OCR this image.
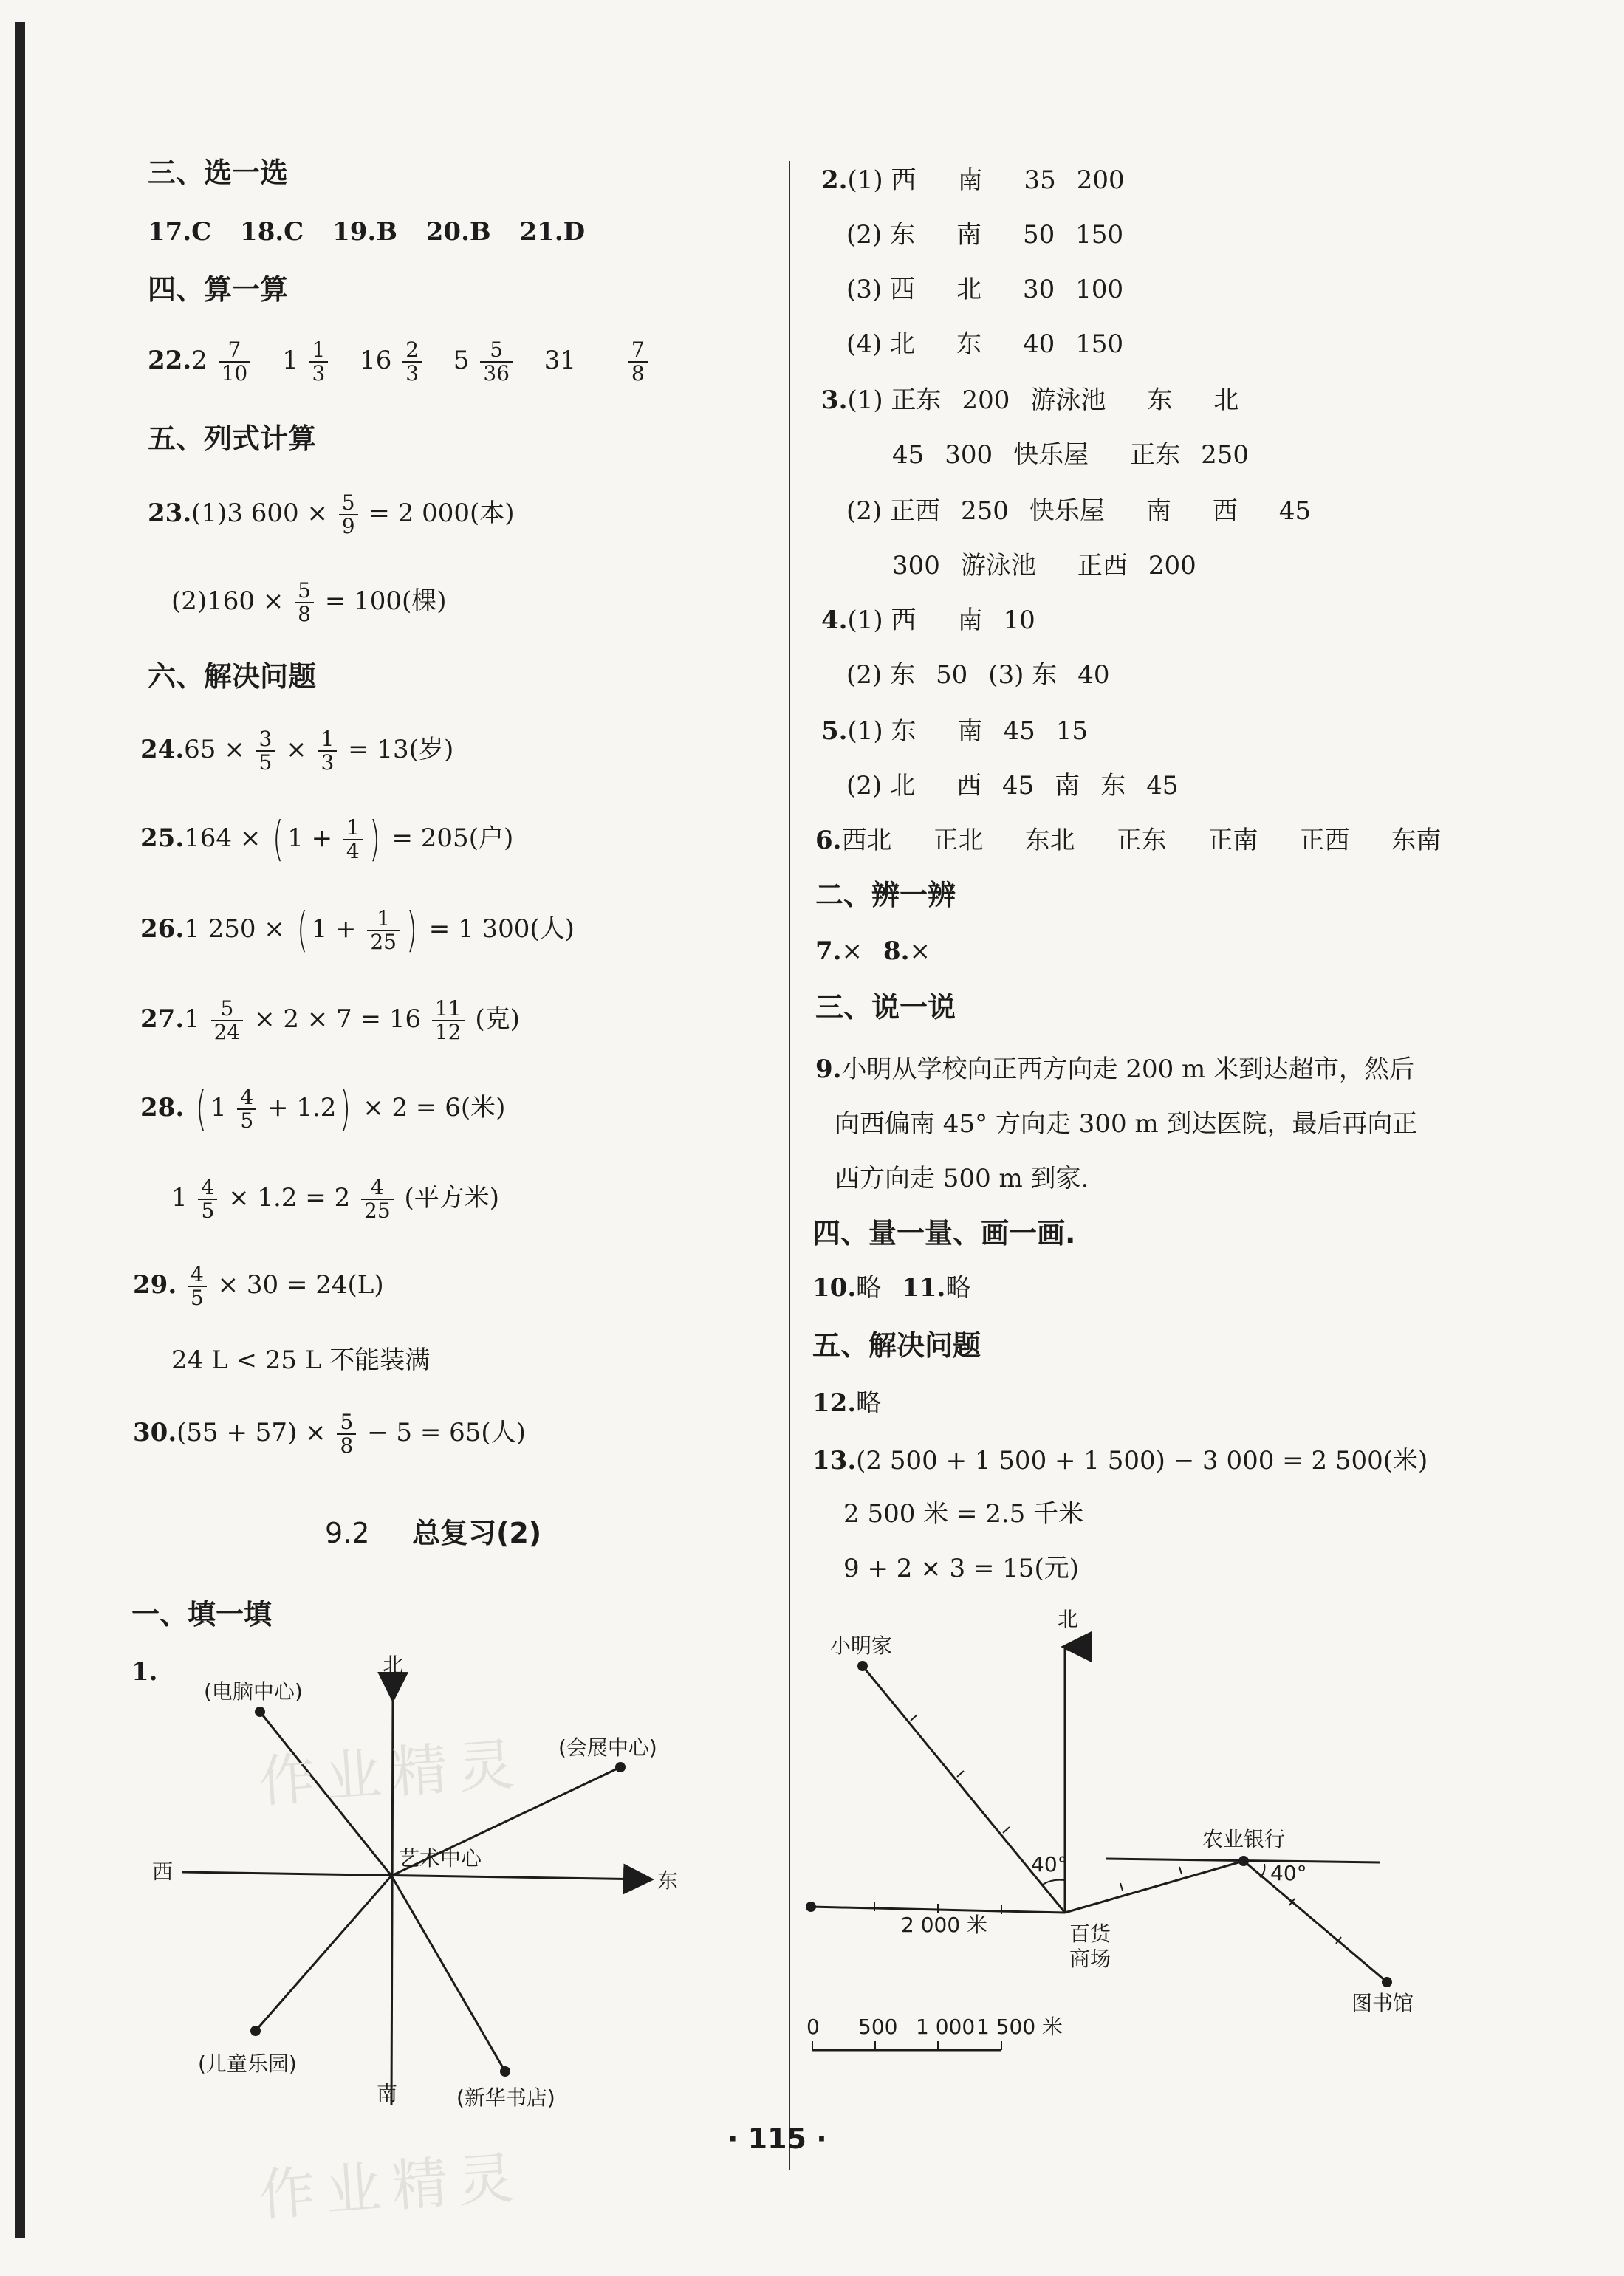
三、选一选
17.C 18.C 19.B 20.B 21.D
四、算一算
$22.2 \frac{7}{10} 1 \frac{1}{3} 16 \frac{2}{3} 5 \frac{5}{36} 31$	$\frac{7}{8}$
五、列式计算
23.(1)3 $600 \times \frac{5}{9} = 2$ 000(本)
$(2)160 \times \frac{5}{8} = 100$(棵)
六、解决问题
$24.65 \times \frac{3}{5} \times \frac{1}{3} = 13$(岁)
25.164 × ( $1 + \frac{1}{4}$ ) = 205(户)
26.1 250 × ( $1 + \frac{1}{25}$ ) = 1 300(人)
$27.1 \frac{5}{24} \times 2 \times 7 = 16 \frac{11}{12}$ (克)
28. ( $1 \frac{4}{5} + 1.2) \times 2 = 6$(米)
$1 \frac{4}{5} \times 1.2 = 2 \frac{4}{25}$ (平方米)
29. $\frac{4}{5} \times 30 = 24(L)$
24 L < 25 L 不能装满
$30.(55 + 57) \times \frac{5}{8} - 5 = 65$(人)
9.2 总复习(2)
一、填一填
1.	北
南
西	东
艺术中心
(电脑中心)
(会展中心)
(儿童乐园)
(新华书店)
2.(1) 西 南 35 200
(2) 东 南 50 150
(3) 西 北 30 100
(4) 北 东 40 150
3.(1) 正东 200 游泳池 东 北
45 300 快乐屋 正东 250
(2) 正西 250 快乐屋 南 西 45
300 游泳池 正西 200
4.(1) 西 南 10
(2) 东 50 (3) 东 40
5.(1) 东 南 45 15
(2) 北 西 45 南 东 45
6.西北 正北 东北 正东 正南 正西 东南
二、辨一辨
7.× 8.×
三、说一说
9.小明从学校向正西方向走 200 m 米到达超市，然后
向西偏南 45° 方向走 300 m 到达医院，最后再向正
西方向走 500 m 到家.
四、量一量、画一画.
10.略 11.略
五、解决问题
12.略
13.(2 500 + 1 500 + 1 500) − 3 000 = 2 500(米)
2 500 米 = 2.5 千米
9 + 2 × 3 = 15(元)
北
2 000 米
小明家
40°
百货
商场
农业银行
40°
图书馆
0 500 1 000 1 500 米
作业精灵
作业精灵
· 115 ·
